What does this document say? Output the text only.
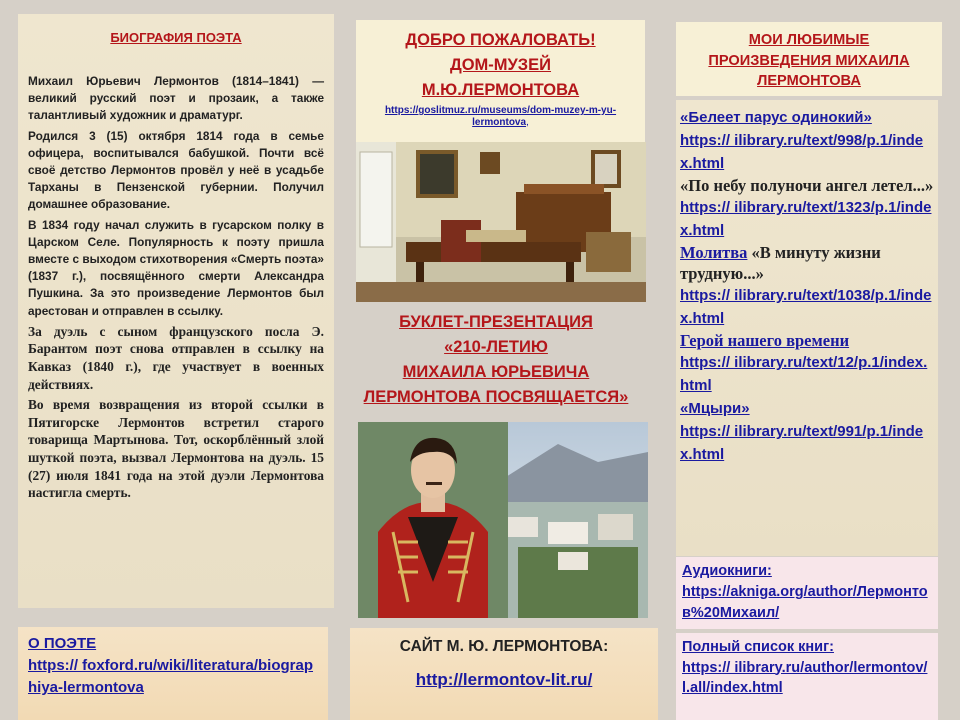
БИОГРАФИЯ ПОЭТА

Михаил Юрьевич Лермонтов (1814–1841) — великий русский поэт и прозаик, а также талантливый художник и драматург.

Родился 3 (15) октября 1814 года в семье офицера, воспитывался бабушкой. Почти всё своё детство Лермонтов провёл у неё в усадьбе Тарханы в Пензенской губернии. Получил домашнее образование.

В 1834 году начал служить в гусарском полку в Царском Селе. Популярность к поэту пришла вместе с выходом стихотворения «Смерть поэта» (1837 г.), посвящённого смерти Александра Пушкина. За это произведение Лермонтов был арестован и отправлен в ссылку.

За дуэль с сыном французского посла Э. Барантом поэт снова отправлен в ссылку на Кавказ (1840 г.), где участвует в военных действиях.

Во время возвращения из второй ссылки в Пятигорске Лермонтов встретил старого товарища Мартынова. Тот, оскорблённый злой шуткой поэта, вызвал Лермонтова на дуэль. 15 (27) июля 1841 года на этой дуэли Лермонтова настигла смерть.

О ПОЭТЕ
https:// foxford.ru/wiki/literatura/biographiya-lermontova
ДОБРО ПОЖАЛОВАТЬ!
ДОМ-МУЗЕЙ
М.Ю.ЛЕРМОНТОВА
https://goslitmuz.ru/museums/dom-muzey-m-yu-lermontova,
БУКЛЕТ-ПРЕЗЕНТАЦИЯ
«210-ЛЕТИЮ
МИХАИЛА ЮРЬЕВИЧА
ЛЕРМОНТОВА ПОСВЯЩАЕТСЯ»
САЙТ М. Ю. ЛЕРМОНТОВА:
http://lermontov-lit.ru/
МОИ ЛЮБИМЫЕ
ПРОИЗВЕДЕНИЯ МИХАИЛА
ЛЕРМОНТОВА
«Белеет парус одинокий»
https:// ilibrary.ru/text/998/p.1/index.html
«По небу полуночи ангел летел...»
https:// ilibrary.ru/text/1323/p.1/index.html
Молитва «В минуту жизни трудную...»
https:// ilibrary.ru/text/1038/p.1/index.html
Герой нашего времени
https:// ilibrary.ru/text/12/p.1/index.html
«Мцыри»
https:// ilibrary.ru/text/991/p.1/index.html
Аудиокниги:
https://akniga.org/author/Лермонтов%20Михаил/
Полный список книг:
https:// ilibrary.ru/author/lermontov/l.all/index.html
